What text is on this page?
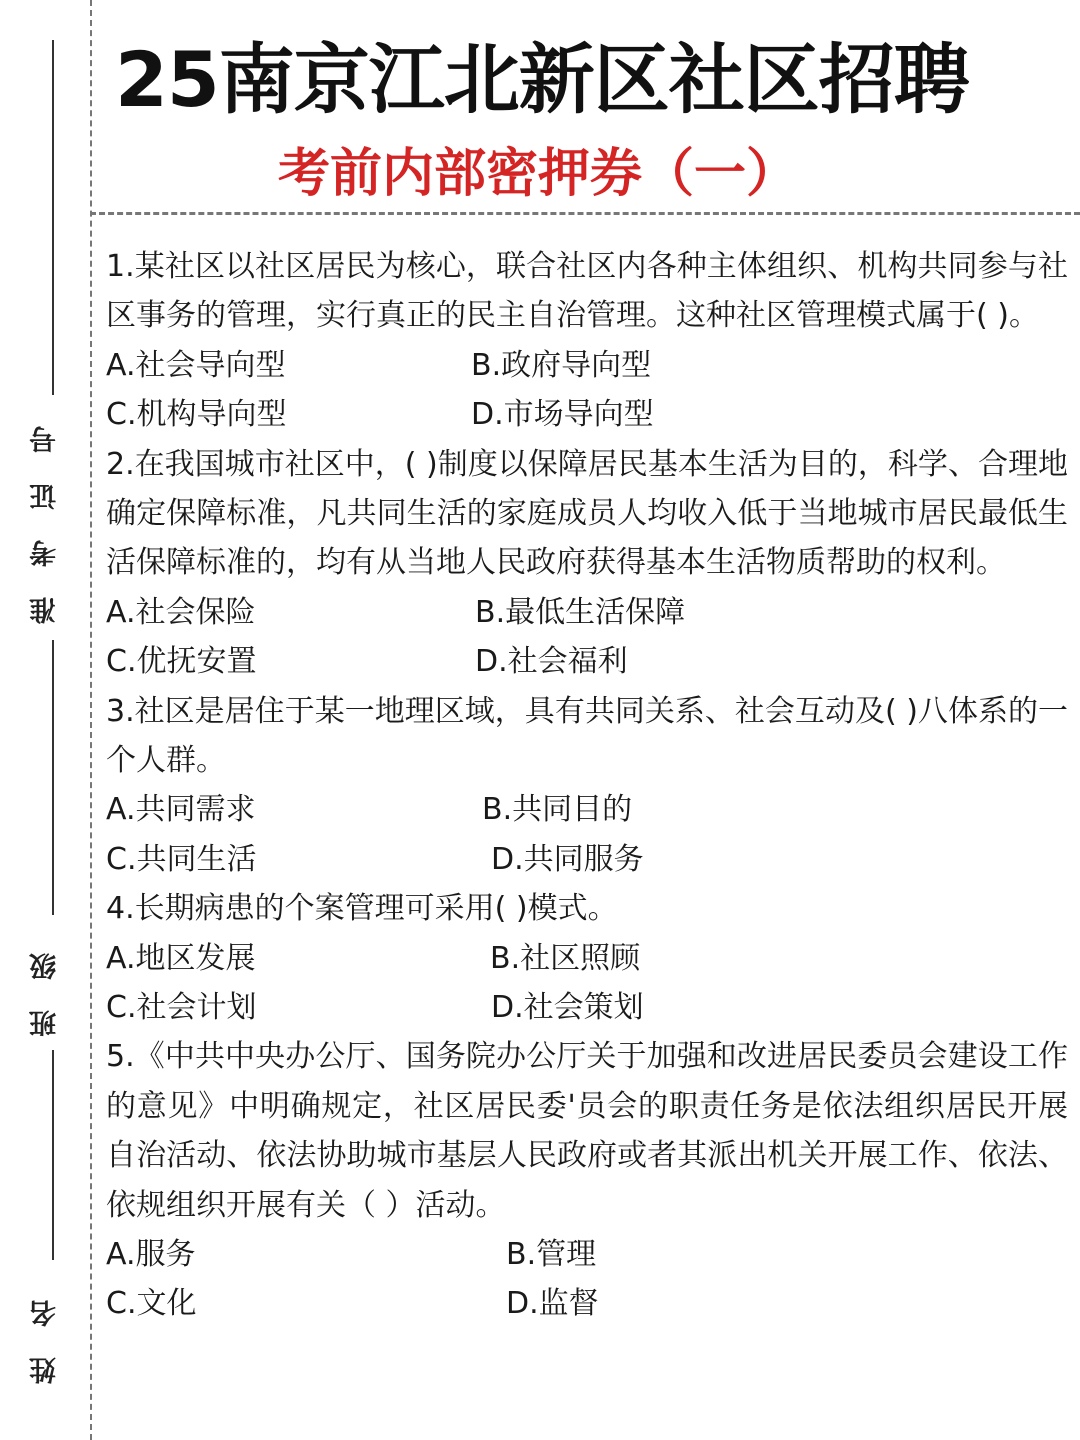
准考证号
班级
姓名
25南京江北新区社区招聘
考前内部密押券（一）

1.某社区以社区居民为核心，联合社区内各种主体组织、机构共同参与社区事务的管理，实行真正的民主自治管理。这种社区管理模式属于( )。

A.社会导向型	B.政府导向型
C.机构导向型	D.市场导向型

2.在我国城市社区中，( )制度以保障居民基本生活为目的，科学、合理地确定保障标准，凡共同生活的家庭成员人均收入低于当地城市居民最低生活保障标准的，均有从当地人民政府获得基本生活物质帮助的权利。

A.社会保险	B.最低生活保障
C.优抚安置	D.社会福利

3.社区是居住于某一地理区域，具有共同关系、社会互动及( )八体系的一个人群。

A.共同需求	B.共同目的
C.共同生活	D.共同服务

4.长期病患的个案管理可采用( )模式。

A.地区发展	B.社区照顾
C.社会计划	D.社会策划

5.《中共中央办公厅、国务院办公厅关于加强和改进居民委员会建设工作的意见》中明确规定，社区居民委'员会的职责任务是依法组织居民开展自治活动、依法协助城市基层人民政府或者其派出机关开展工作、依法、依规组织开展有关（ ）活动。

A.服务	B.管理
C.文化	D.监督
